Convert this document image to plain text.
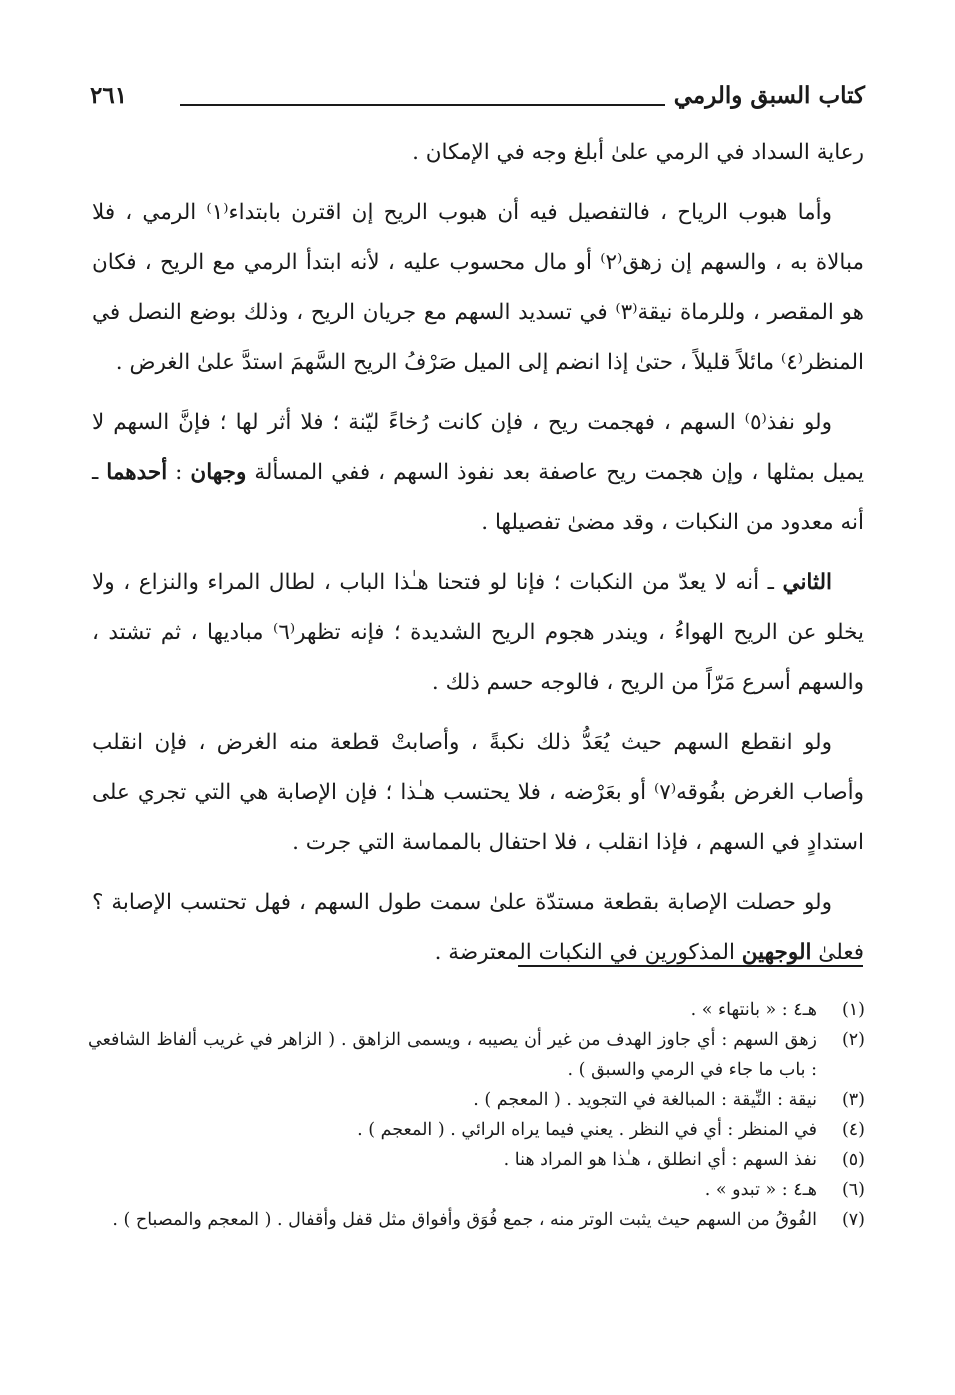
كتاب السبق والرمي
٢٦١

رعاية السداد في الرمي علىٰ أبلغ وجه في الإمكان .

وأما هبوب الرياح ، فالتفصيل فيه أن هبوب الريح إن اقترن بابتداء⁽١⁾ الرمي ، فلا مبالاة به ، والسهم إن زهق⁽٢⁾ أو مال محسوب عليه ، لأنه ابتدأ الرمي مع الريح ، فكان هو المقصر ، وللرماة نيقة⁽٣⁾ في تسديد السهم مع جريان الريح ، وذلك بوضع النصل في المنظر⁽٤⁾ مائلاً قليلاً ، حتىٰ إذا انضم إلى الميل صَرْفُ الريح السَّهمَ استدَّ علىٰ الغرض .

ولو نفذ⁽٥⁾ السهم ، فهجمت ريح ، فإن كانت رُخاءً ليّنة ؛ فلا أثر لها ؛ فإنَّ السهم لا يميل بمثلها ، وإن هجمت ريح عاصفة بعد نفوذ السهم ، ففي المسألة وجهان : أحدهما ـ أنه معدود من النكبات ، وقد مضىٰ تفصيلها .

الثاني ـ أنه لا يعدّ من النكبات ؛ فإنا لو فتحنا هـٰذا الباب ، لطال المراء والنزاع ، ولا يخلو عن الريح الهواءُ ، ويندر هجوم الريح الشديدة ؛ فإنه تظهر⁽٦⁾ مباديها ، ثم تشتد ، والسهم أسرع مَرّاً من الريح ، فالوجه حسم ذلك .

ولو انقطع السهم حيث يُعَدُّ ذلك نكبةً ، وأصابتْ قطعة منه الغرض ، فإن انقلب وأصاب الغرض بفُوقه⁽٧⁾ أو بعَرْضه ، فلا يحتسب هـٰذا ؛ فإن الإصابة هي التي تجري على استدادٍ في السهم ، فإذا انقلب ، فلا احتفال بالمماسة التي جرت .

ولو حصلت الإصابة بقطعة مستدّة علىٰ سمت طول السهم ، فهل تحتسب الإصابة ؟ فعلىٰ الوجهين المذكورين في النكبات المعترضة .

(١)
هـ٤ : « بانتهاء » .
(٢)
زهق السهم : أي جاوز الهدف من غير أن يصيبه ، ويسمى الزاهق . ( الزاهر في غريب ألفاظ الشافعي : باب ما جاء في الرمي والسبق ) .
(٣)
نيقة : النِّيقة : المبالغة في التجويد . ( المعجم ) .
(٤)
في المنظر : أي في النظر . يعني فيما يراه الرائي . ( المعجم ) .
(٥)
نفذ السهم : أي انطلق ، هـٰذا هو المراد هنا .
(٦)
هـ٤ : « تبدو » .
(٧)
الفُوقُ من السهم حيث يثبت الوتر منه ، جمع فُوَق وأفواق مثل قفل وأقفال . ( المعجم والمصباح ) .
